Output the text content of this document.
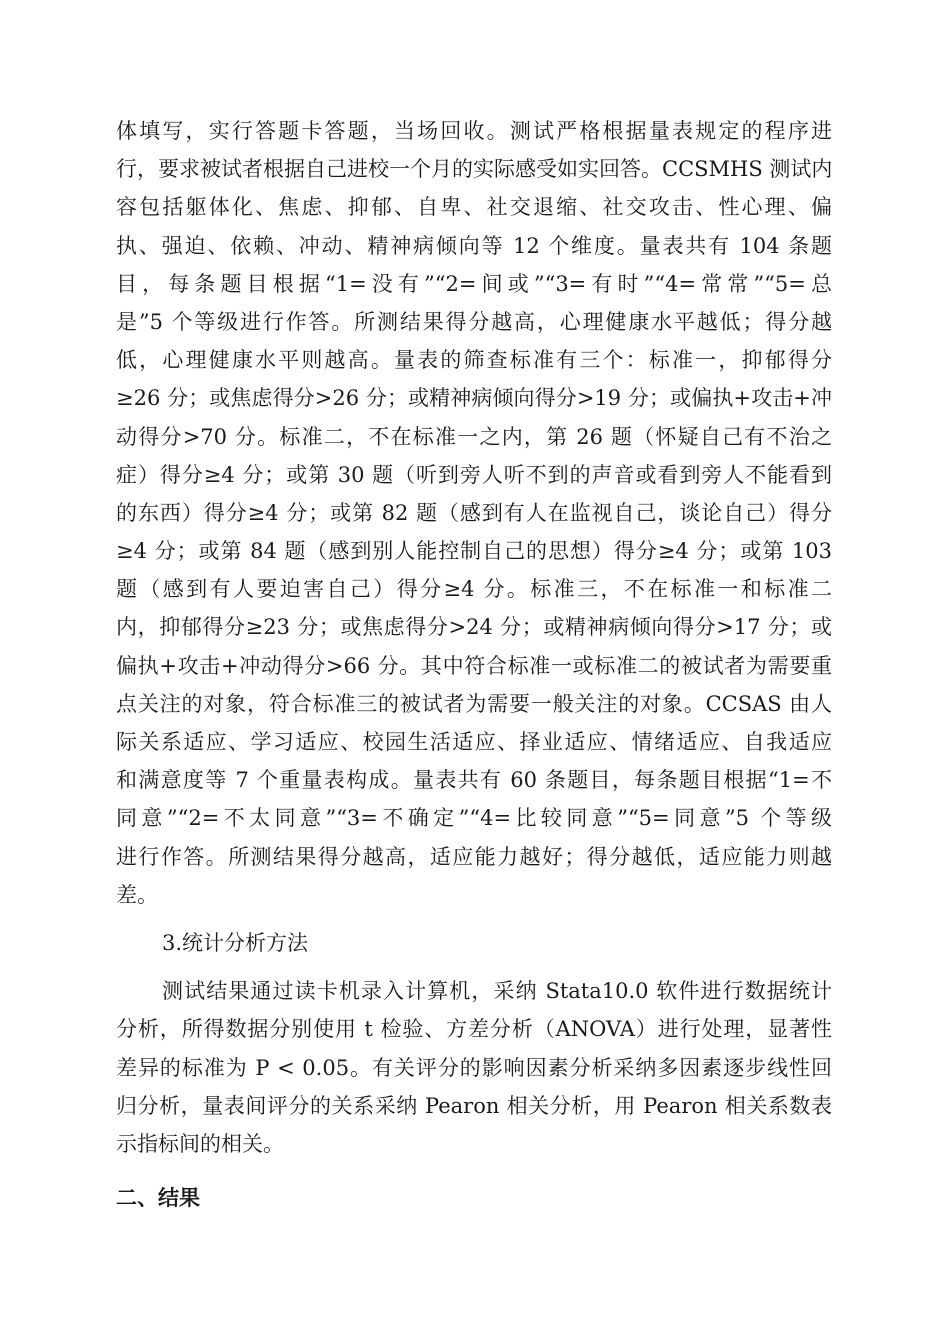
体填写，实行答题卡答题，当场回收。测试严格根据量表规定的程序进
行，要求被试者根据自己进校一个月的实际感受如实回答。CCSMHS 测试内
容包括躯体化、焦虑、抑郁、自卑、社交退缩、社交攻击、性心理、偏
执、强迫、依赖、冲动、精神病倾向等 12 个维度。量表共有 104 条题
目，每条题目根据“1=没有”“2=间或”“3=有时”“4=常常”“5=总
是”5 个等级进行作答。所测结果得分越高，心理健康水平越低；得分越
低，心理健康水平则越高。量表的筛查标准有三个：标准一，抑郁得分
≥26 分；或焦虑得分>26 分；或精神病倾向得分>19 分；或偏执+攻击+冲
动得分>70 分。标准二，不在标准一之内，第 26 题（怀疑自己有不治之
症）得分≥4 分；或第 30 题（听到旁人听不到的声音或看到旁人不能看到
的东西）得分≥4 分；或第 82 题（感到有人在监视自己，谈论自己）得分
≥4 分；或第 84 题（感到别人能控制自己的思想）得分≥4 分；或第 103
题（感到有人要迫害自己）得分≥4 分。标准三，不在标准一和标准二
内，抑郁得分≥23 分；或焦虑得分>24 分；或精神病倾向得分>17 分；或
偏执+攻击+冲动得分>66 分。其中符合标准一或标准二的被试者为需要重
点关注的对象，符合标准三的被试者为需要一般关注的对象。CCSAS 由人
际关系适应、学习适应、校园生活适应、择业适应、情绪适应、自我适应
和满意度等 7 个重量表构成。量表共有 60 条题目，每条题目根据“1=不
同意”“2=不太同意”“3=不确定”“4=比较同意”“5=同意”5 个等级
进行作答。所测结果得分越高，适应能力越好；得分越低，适应能力则越
差。
3.统计分析方法
测试结果通过读卡机录入计算机，采纳 Stata10.0 软件进行数据统计
分析，所得数据分别使用 t 检验、方差分析（ANOVA）进行处理，显著性
差异的标准为 P < 0.05。有关评分的影响因素分析采纳多因素逐步线性回
归分析，量表间评分的关系采纳 Pearon 相关分析，用 Pearon 相关系数表
示指标间的相关。
二、结果
